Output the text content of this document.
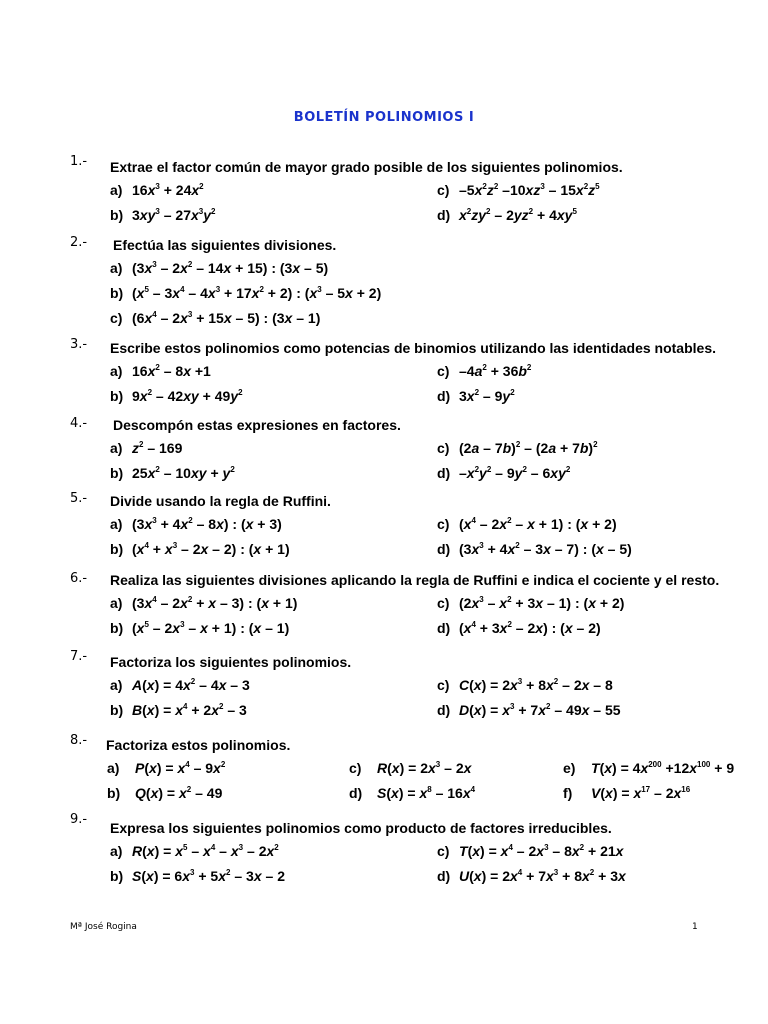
BOLETÍN POLINOMIOS I
1.- Extrae el factor común de mayor grado posible de los siguientes polinomios.
a) $16x^3 + 24x^2$	c) $-5x^2z^2$ $-10xz^3 - 15x^2z^5$
b) $3xy^3 - 27x^3y^2$	d) $x^2zy^2 - 2yz^2 + 4xy^5$
2.- Efectúa las siguientes divisiones.
a) $(3x^3 - 2x^2 - 14x + 15)$ : (3x – 5)
b) $(x^5 - 3x^4 - 4x^3 + 17x^2 + 2)$ : $(x^3 - 5x + 2)$
c) $(6x^4 - 2x^3 + 15x - 5)$ : (3x – 1)
3.- Escribe estos polinomios como potencias de binomios utilizando las identidades notables.
a) $16x^2 - 8x +1$	c) $-4a^2 + 36b^2$
b) $9x^2 - 42xy + 49y^2$	d) $3x^2 - 9y^2$
4.- Descompón estas expresiones en factores.
a) $z^2 - 169$	c) $(2a - 7b)^2 - (2a + 7b)^2$
b) $25x^2 - 10xy + y^2$	d) $-x^2y^2 - 9y^2 - 6xy^2$
5.- Divide usando la regla de Ruffini.
a) $(3x^3 + 4x^2 - 8x)$ : (x + 3)	c) $(x^4 - 2x^2 - x + 1)$ : (x + 2)
b) $(x^4 + x^3 - 2x - 2)$ : (x + 1)	d) $(3x^3 + 4x^2 - 3x - 7)$ : (x – 5)
6.- Realiza las siguientes divisiones aplicando la regla de Ruffini e indica el cociente y el resto.
a) $(3x^4 - 2x^2 + x - 3)$ : (x + 1)	c) $(2x^3 - x^2 + 3x - 1)$ : (x + 2)
b) $(x^5 - 2x^3 - x + 1)$ : (x – 1)	d) $(x^4 + 3x^2 - 2x)$ : (x – 2)
7.- Factoriza los siguientes polinomios.
a) $A(x) = 4x^2 - 4x - 3$	c) $C(x) = 2x^3 + 8x^2 - 2x - 8$
b) $B(x) = x^4 + 2x^2 - 3$	d) $D(x) = x^3 + 7x^2 - 49x - 55$
8.- Factoriza estos polinomios.
a) $P(x) = x^4 - 9x^2$	c) $R(x) = 2x^3 - 2x$	e) $T(x) = 4x^{200} +12x^{100} + 9$
b) $Q(x) = x^2 - 49$	d) $S(x) = x^8 - 16x^4$	f) $V(x) = x^{17} - 2x^{16}$
9.-
Expresa los siguientes polinomios como producto de factores irreducibles.
a) $R(x) = x^5 - x^4 - x^3 - 2x^2$	c) $T(x) = x^4 - 2x^3 - 8x^2 + 21x$
b) $S(x) = 6x^3 + 5x^2 - 3x - 2$	d) $U(x) = 2x^4 + 7x^3 + 8x^2 + 3x$
Mª José Rogina	1
